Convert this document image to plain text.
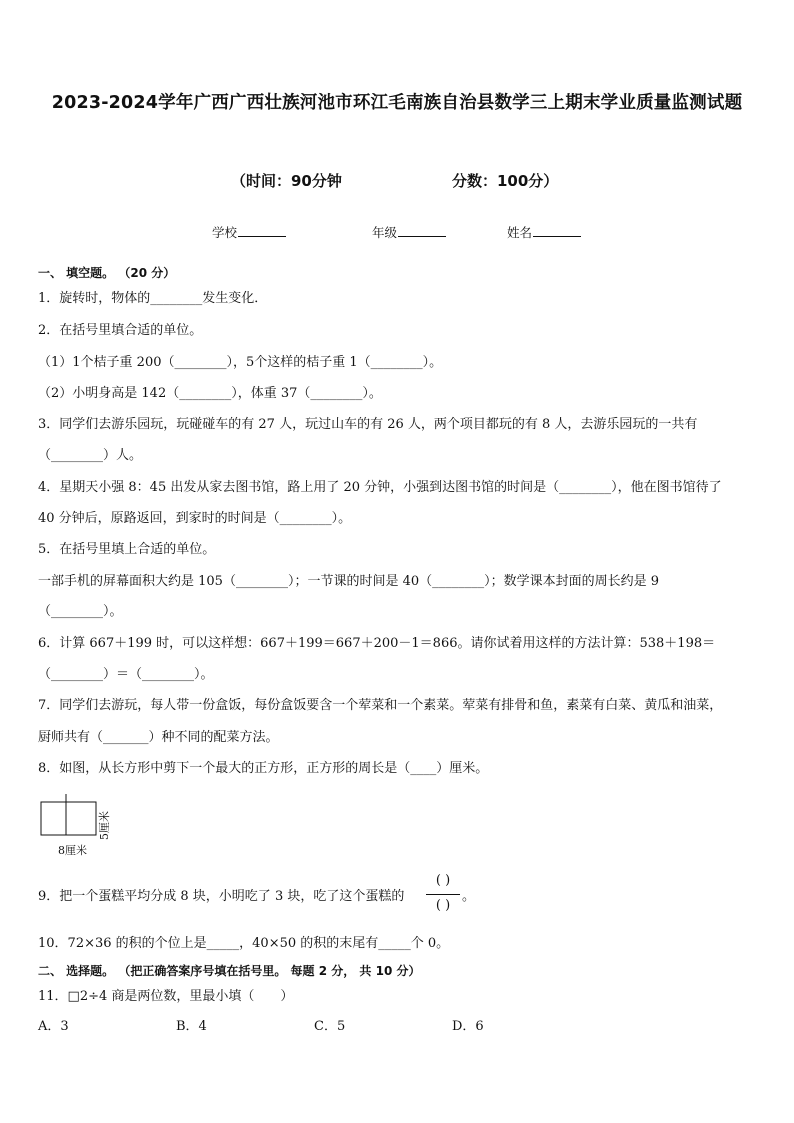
2023-2024学年广西广西壮族河池市环江毛南族自治县数学三上期末学业质量监测试题
（时间：90分钟	分数：100分）
学校	年级	姓名
一、 填空题。 （20 分）
1．旋转时，物体的________发生变化．
2．在括号里填合适的单位。
（1）1个桔子重 200（________），5个这样的桔子重 1（________）。
（2）小明身高是 142（________），体重 37（________）。
3．同学们去游乐园玩，玩碰碰车的有 27 人，玩过山车的有 26 人，两个项目都玩的有 8 人，去游乐园玩的一共有
（________）人。
4．星期天小强 8：45 出发从家去图书馆，路上用了 20 分钟，小强到达图书馆的时间是（________），他在图书馆待了
40 分钟后，原路返回，到家时的时间是（________）。
5．在括号里填上合适的单位。
一部手机的屏幕面积大约是 105（________）；一节课的时间是 40（________）；数学课本封面的周长约是 9
（________）。
6．计算 667＋199 时，可以这样想：667＋199＝667＋200－1＝866。请你试着用这样的方法计算：538＋198＝
（________）＝（________）。
7．同学们去游玩，每人带一份盒饭，每份盒饭要含一个荤菜和一个素菜。荤菜有排骨和鱼，素菜有白菜、黄瓜和油菜，
厨师共有（_______）种不同的配菜方法。
8．如图，从长方形中剪下一个最大的正方形，正方形的周长是（____）厘米。
8厘米
5厘米
9．把一个蛋糕平均分成 8 块，小明吃了 3 块，吃了这个蛋糕的
( )
( )
。
10．72×36 的积的个位上是_____，40×50 的积的末尾有_____个 0。
二、 选择题。 （把正确答案序号填在括号里。 每题 2 分， 共 10 分）
11．□2÷4 商是两位数，里最小填（　　）
A．3	B．4	C．5	D．6
